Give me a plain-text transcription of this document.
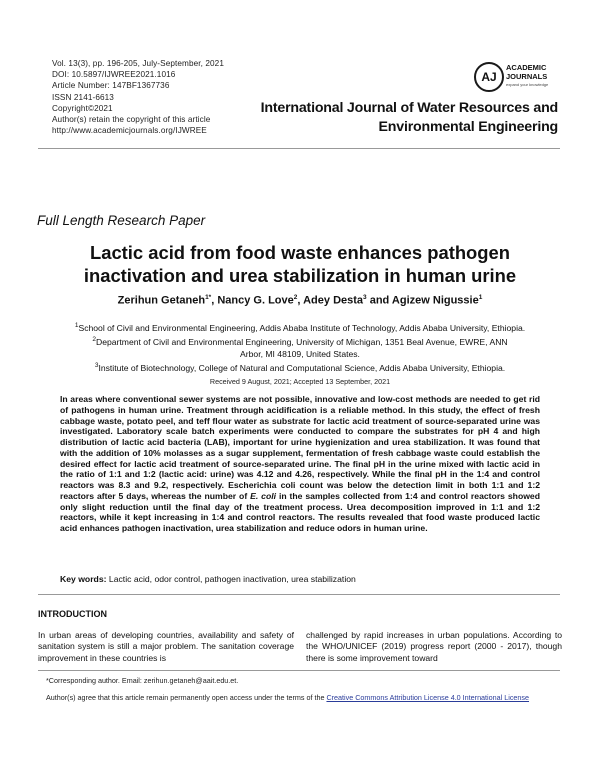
Vol. 13(3), pp. 196-205, July-September, 2021
DOI: 10.5897/IJWREE2021.1016
Article Number: 147BF1367736
ISSN 2141-6613
Copyright©2021
Author(s) retain the copyright of this article
http://www.academicjournals.org/IJWREE
AJ
ACADEMIC
JOURNALS
expand your knowledge
International Journal of Water Resources and
Environmental Engineering
Full Length Research Paper
Lactic acid from food waste enhances pathogen
inactivation and urea stabilization in human urine
Zerihun Getaneh$^{1*}$, Nancy G. Love$^2$, Adey Desta$^3$ and Agizew Nigussie$^1$
$^1$School of Civil and Environmental Engineering, Addis Ababa Institute of Technology, Addis Ababa University, Ethiopia.
$^2$Department of Civil and Environmental Engineering, University of Michigan, 1351 Beal Avenue, EWRE, ANN Arbor, MI 48109, United States.
$^3$Institute of Biotechnology, College of Natural and Computational Science, Addis Ababa University, Ethiopia.
Received 9 August, 2021; Accepted 13 September, 2021
In areas where conventional sewer systems are not possible, innovative and low-cost methods are needed to get rid of pathogens in human urine. Treatment through acidification is a reliable method. In this study, the effect of fresh cabbage waste, potato peel, and teff flour water as substrate for lactic acid treatment of source-separated urine was investigated. Laboratory scale batch experiments were conducted to compare the substrates for pH 4 and high distribution of lactic acid bacteria (LAB), important for urine hygienization and urea stabilization. It was found that with the addition of 10% molasses as a sugar supplement, fermentation of fresh cabbage waste could establish the desired effect for lactic acid treatment of source-separated urine. The final pH in the urine mixed with lactic acid in the ratio of 1:1 and 1:2 (lactic acid: urine) was 4.12 and 4.26, respectively. While the final pH in the 1:4 and control reactors was 8.3 and 9.2, respectively. Escherichia coli count was below the detection limit in both 1:1 and 1:2 reactors after 5 days, whereas the number of E. coli in the samples collected from 1:4 and control reactors showed only slight reduction until the final day of the treatment process. Urea decomposition improved in 1:1 and 1:2 reactors, while it kept increasing in 1:4 and control reactors. The results revealed that food waste produced lactic acid enhances pathogen inactivation, urea stabilization and reduce odors in human urine.
Key words: Lactic acid, odor control, pathogen inactivation, urea stabilization
INTRODUCTION
In urban areas of developing countries, availability and safety of sanitation system is still a major problem. The sanitation coverage improvement in these countries is
challenged by rapid increases in urban populations. According to the WHO/UNICEF (2019) progress report (2000 - 2017), though there is some improvement toward

*Corresponding author. Email: zerihun.getaneh@aait.edu.et.

Author(s) agree that this article remain permanently open access under the terms of the Creative Commons Attribution License 4.0 International License
